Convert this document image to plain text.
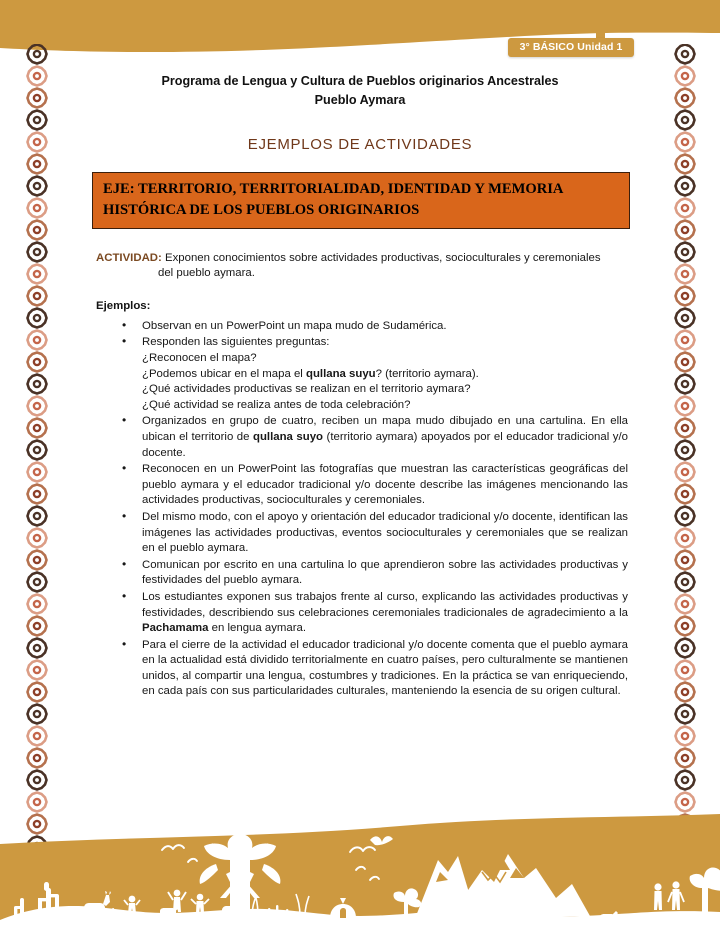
3° BÁSICO Unidad 1
Programa de Lengua y Cultura de Pueblos originarios Ancestrales
Pueblo Aymara
EJEMPLOS DE ACTIVIDADES
EJE: TERRITORIO, TERRITORIALIDAD, IDENTIDAD Y MEMORIA HISTÓRICA DE LOS PUEBLOS ORIGINARIOS
ACTIVIDAD: Exponen conocimientos sobre actividades productivas, socioculturales y ceremoniales
del pueblo aymara.
Ejemplos:
• Observan en un PowerPoint un mapa mudo de Sudamérica.
• Responden las siguientes preguntas:
¿Reconocen el mapa?
¿Podemos ubicar en el mapa el qullana suyu? (territorio aymara).
¿Qué actividades productivas se realizan en el territorio aymara?
¿Qué actividad se realiza antes de toda celebración?
• Organizados en grupo de cuatro, reciben un mapa mudo dibujado en una cartulina. En ella ubican el territorio de qullana suyo (territorio aymara) apoyados por el educador tradicional y/o docente.
• Reconocen en un PowerPoint las fotografías que muestran las características geográficas del pueblo aymara y el educador tradicional y/o docente describe las imágenes mencionando las actividades productivas, socioculturales y ceremoniales.
• Del mismo modo, con el apoyo y orientación del educador tradicional y/o docente, identifican las imágenes las actividades productivas, eventos socioculturales y ceremoniales que se realizan en el pueblo aymara.
• Comunican por escrito en una cartulina lo que aprendieron sobre las actividades productivas y festividades del pueblo aymara.
• Los estudiantes exponen sus trabajos frente al curso, explicando las actividades productivas y festividades, describiendo sus celebraciones ceremoniales tradicionales de agradecimiento a la Pachamama en lengua aymara.
• Para el cierre de la actividad el educador tradicional y/o docente comenta que el pueblo aymara en la actualidad está dividido territorialmente en cuatro países, pero culturalmente se mantienen unidos, al compartir una lengua, costumbres y tradiciones. En la práctica se van enriqueciendo, en cada país con sus particularidades culturales, manteniendo la esencia de su origen cultural.
